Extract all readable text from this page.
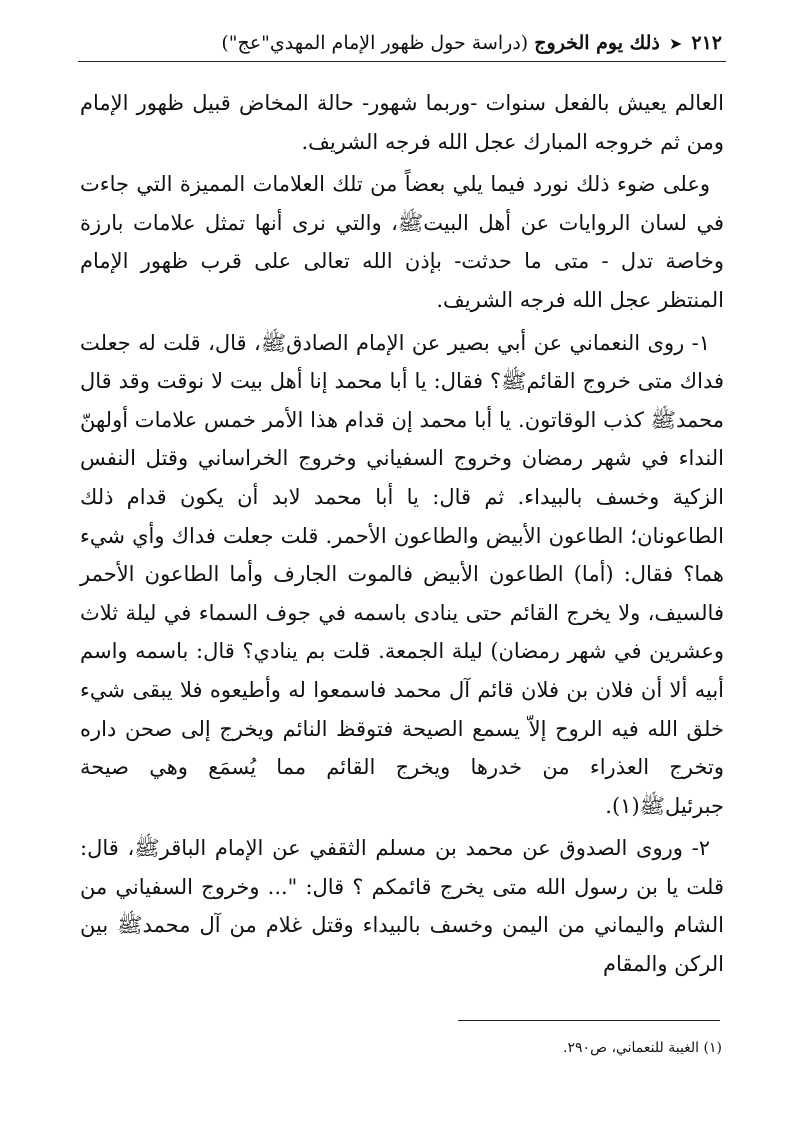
٢١٢ ➤ ذلك يوم الخروج (دراسة حول ظهور الإمام المهدي"عج")

العالم يعيش بالفعل سنوات -وربما شهور- حالة المخاض قبيل ظهور الإمام ومن ثم خروجه المبارك عجل الله فرجه الشريف.

وعلى ضوء ذلك نورد فيما يلي بعضاً من تلك العلامات المميزة التي جاءت في لسان الروايات عن أهل البيتﷺ، والتي نرى أنها تمثل علامات بارزة وخاصة تدل - متى ما حدثت- بإذن الله تعالى على قرب ظهور الإمام المنتظر عجل الله فرجه الشريف.

١- روى النعماني عن أبي بصير عن الإمام الصادقﷺ، قال، قلت له جعلت فداك متى خروج القائمﷺ؟ فقال: يا أبا محمد إنا أهل بيت لا نوقت وقد قال محمدﷺ كذب الوقاتون. يا أبا محمد إن قدام هذا الأمر خمس علامات أولهنّ النداء في شهر رمضان وخروج السفياني وخروج الخراساني وقتل النفس الزكية وخسف بالبيداء. ثم قال: يا أبا محمد لابد أن يكون قدام ذلك الطاعونان؛ الطاعون الأبيض والطاعون الأحمر. قلت جعلت فداك وأي شيء هما؟ فقال: (أما) الطاعون الأبيض فالموت الجارف وأما الطاعون الأحمر فالسيف، ولا يخرج القائم حتى ينادى باسمه في جوف السماء في ليلة ثلاث وعشرين في شهر رمضان) ليلة الجمعة. قلت بم ينادي؟ قال: باسمه واسم أبيه ألا أن فلان بن فلان قائم آل محمد فاسمعوا له وأطيعوه فلا يبقى شيء خلق الله فيه الروح إلاّ يسمع الصيحة فتوقظ النائم ويخرج إلى صحن داره وتخرج العذراء من خدرها ويخرج القائم مما يُسمَع وهي صيحة جبرئيلﷺ(١).

٢- وروى الصدوق عن محمد بن مسلم الثقفي عن الإمام الباقرﷺ، قال: قلت يا بن رسول الله متى يخرج قائمكم ؟ قال: "... وخروج السفياني من الشام واليماني من اليمن وخسف بالبيداء وقتل غلام من آل محمدﷺ بين الركن والمقام

(١) الغيبة للنعماني، ص٢٩٠.
